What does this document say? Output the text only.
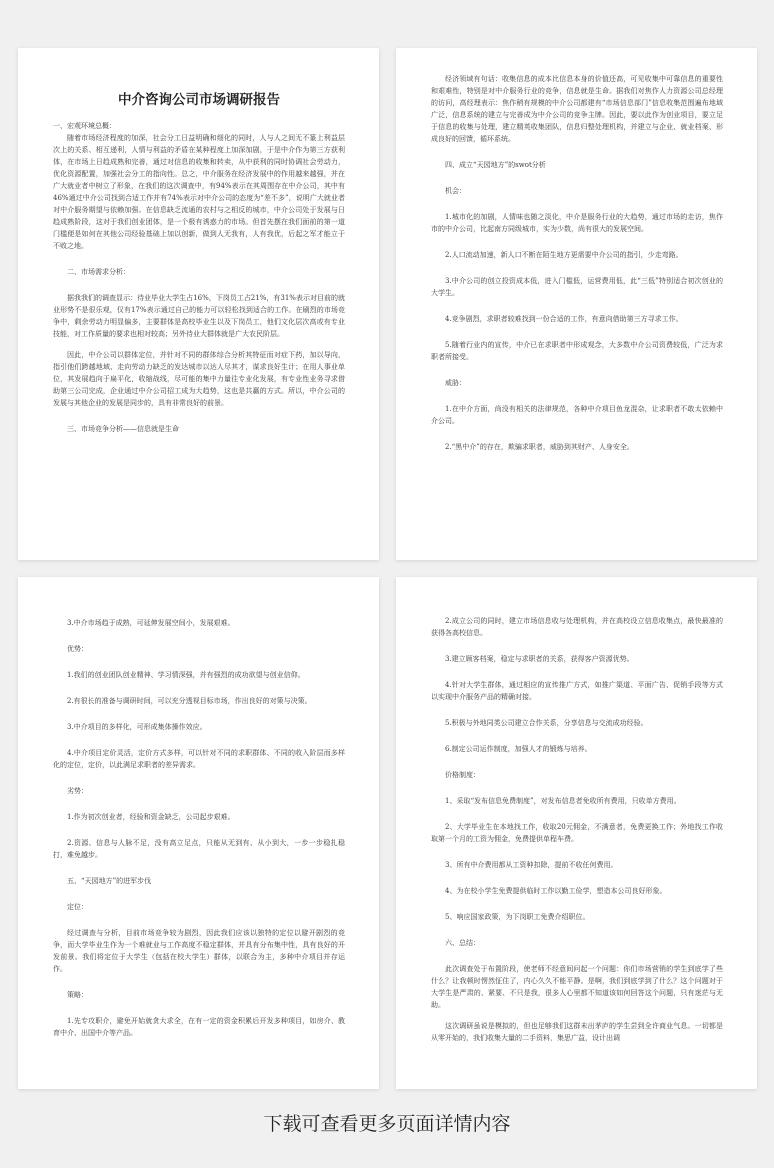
中介咨询公司市场调研报告

一、宏观环境总概：

随着市场经济程度的加深，社会分工日益明确和细化的同时，人与人之间无不篆上利益层次上的关系、相互递利，人情与利益的矛盾在某种程度上加深加剧，于是中介作为第三方获利体，在市场上日趋成熟和完善，通过对信息的收集和转卖，从中获利的同时协调社会劳动力，优化资源配置，加强社会分工的指向性。总之，中介服务在经济发展中的作用越来越强，并在广大就业者中树立了形象，在我们的这次调查中，有94%表示在其周围存在中介公司，其中有46%通过中介公司找到合适工作并有74%表示对中介公司的态度为“差不多”，说明广大就业者对中介服务期望与依赖加强。在信息缺乏流通的农村与之相反的城市，中介公司处于发展与日趋成熟阶段，这对于我们创业团体，是一个极有诱惑力的市场。但首先摆在我们面前的第一道门槛便是如何在其他公司经验基础上加以创新，做到人无我有，人有我优，后起之军才能立于不败之地。

二、市场需求分析：

据我我们的调查显示：待业毕业大学生占16%，下岗员工占21%，有31%表示对目前的就业形势不是很乐观，仅有17%表示通过自己的能力可以轻松找到适合的工作。在刷烈的市场竞争中，剩余劳动力明显偏多，主要群体是高校毕业生以及下岗员工，他们文化层次高或有专业技能，对工作质量的要求也相对较高；另外待业大群体就是广大农民阶层。

因此，中介公司以群体定位，并针对不同的群体综合分析其特征而对症下药，加以导向，指引他们跨越地域、走向劳动力缺乏的发达城市以达人尽其才，谋求良好生计；在用人事业单位，其发展趋向于扁平化，收缩战线，尽可能的集中力量往专业化发展，有专业性业务寻求借助第三公司完成，企业通过中介公司招工成为大趋势，这也是共赢的方式。所以，中介公司的发展与其他企业的发展是同步的，具有非常良好的前景。

三、市场竞争分析——信息就是生命

经济领域有句话：收集信息的成本比信息本身的价值还高，可见收集中可靠信息的重要性和艰难性，特别是对中介服务行业的竞争，信息就是生命。据我们对焦作人力资源公司总经理的访问，高经理表示：焦作稍有规模的中介公司都建有“市场信息部门”信息收集范围遍布地域广泛，信息系统的建立与完善成为中介公司的竞争主牌。因此，要以此作为创业项目，要立足于信息的收集与处理，建立精英收集团队，信息归整处理机构，并建立与企业、就业档案、形成良好的回馈，循环系统。

四、成立“天园地方”的swot分析

机会：

1.城市化的加剧，人情味也随之淡化，中介是服务行业的大趋势，通过市场的走访，焦作市的中介公司，比起南方同级城市，实为少数，尚有很大的发展空间。

2.人口流动加速，新人口不断在陌生地方更需要中介公司的指引，少走弯路。

3.中介公司的创立投资成本低，进入门槛低，运营费用低，此“三低”特别适合初次创业的大学生。

4.竞争剧烈，求职者较难找到一份合适的工作，有意向借助第三方寻求工作。

5.随着行业内的宣传，中介已在求职者中形成观念，大多数中介公司资费较低，广泛为求职者所接受。

威胁：

1.在中介方面，尚没有相关的法律规范，各种中介项目鱼龙混杂，让求职者不敢太依赖中介公司。

2.“黑中介”的存在，欺骗求职者，威胁到其财产、人身安全。

3.中介市场趋于成熟，可延伸发展空间小，发展艰难。

优势：

1.我们的创业团队创业精神、学习情深强，并有强烈的成功欲望与创业信仰。

2.有很长的准备与调研时间，可以充分透视目标市场，作出良好的对策与决策。

3.中介项目的多样化，可形成集体操作效应。

4.中介项目定价灵活，定价方式多样，可以针对不同的求职群体、不同的收入阶层而多样化的定位，定价，以此满足求职者的差异需求。

劣势：

1.作为初次创业者，经验和资金缺乏，公司起步艰难。

2.资源、信息与人脉不足，没有高立足点，只能从无到有、从小到大，一步一步稳扎稳打，难免越步。

五、“天园地方”的进军步伐

定位：

经过调查与分析，目前市场竞争较为剧烈，因此我们应该以独特的定位以避开剧烈的竞争，而大学毕业生作为一个难就业与工作高度不稳定群体，并具有分布集中性，具有良好的开发前景。我们将定位于大学生（包括在校大学生）群体，以联合为主，多种中介项目并存运作。

策略：

1.先专攻职介，避免开始就贪大求全，在有一定的资金积累后开发多种项目，如房介、教育中介、出国中介等产品。

2.成立公司的同时，建立市场信息收与处理机构，并在高校设立信息收集点，最快最准的获得各高校信息。

3.建立顾客档案，稳定与求职者的关系，获得客户资源优势。

4.针对大学生群体，通过相应的宣传推广方式，如推广渠道、平面广告、促销手段等方式以实现中介服务产品的精确对接。

5.积极与外地同类公司建立合作关系，分享信息与交流成功经验。

6.制定公司运作制度，加强人才的锻炼与培养。

价格制度：

1、采取“发布信息免费制度”，对发布信息者免收所有费用，只收单方费用。

2、大学毕业生在本地找工作，收取20元佣金，不满意者，免费更换工作；外地找工作收取第一个月的工资为佣金，免费提供单程车费。

3、所有中介费用都从工资种扣除，提前不收任何费用。

4、为在校小学生免费提供临时工作以勤工俭学，塑造本公司良好形象。

5、响应国家政策，为下岗职工免费介绍职位。

六、总结：

此次调查处于布置阶段，使老师不经意间问起一个问题：你们市场营销的学生到底学了些什么？让我顿时愣然怔住了，内心久久不能平静。是啊，我们到底学到了什么？这个问题对于大学生是严肃的、紧要、不只是我，很多人心里都不知道该如何回答这个问题，只有迷茫与无助。

这次调研虽说是模拟的，但也足够我们这群未出茅庐的学生尝到全许商业气息。一切都是从零开始的，我们收集大量的二手资料，集思广益，设计出调

下载可查看更多页面详情内容
